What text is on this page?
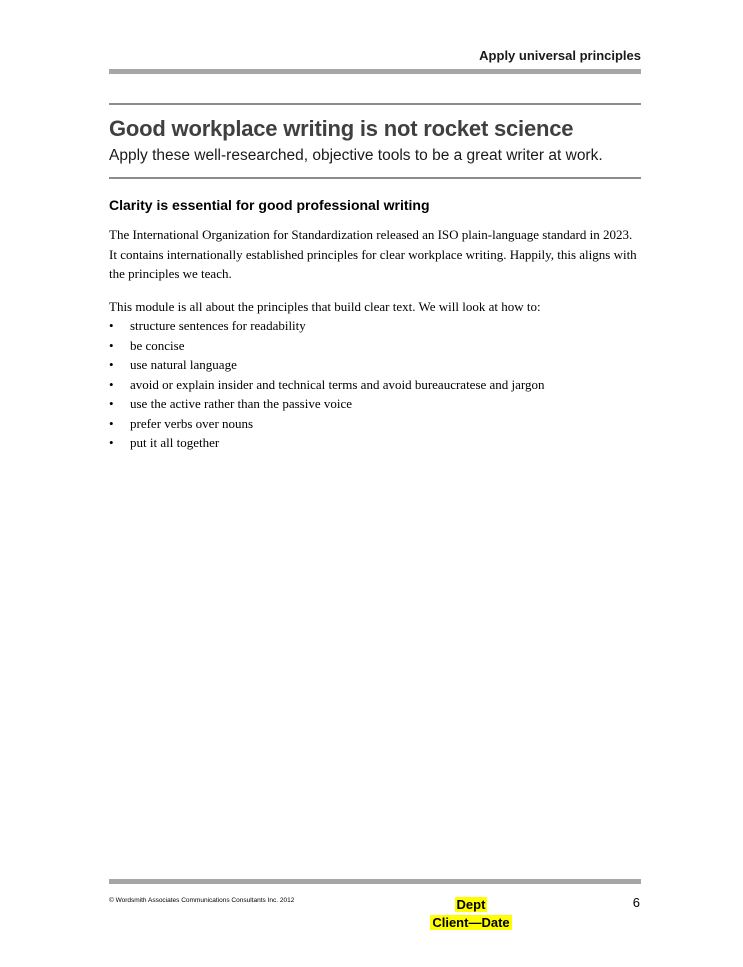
Apply universal principles
Good workplace writing is not rocket science
Apply these well-researched, objective tools to be a great writer at work.
Clarity is essential for good professional writing
The International Organization for Standardization released an ISO plain-language standard in 2023. It contains internationally established principles for clear workplace writing. Happily, this aligns with the principles we teach.
This module is all about the principles that build clear text. We will look at how to:
• structure sentences for readability
• be concise
• use natural language
• avoid or explain insider and technical terms and avoid bureaucratese and jargon
• use the active rather than the passive voice
• prefer verbs over nouns
• put it all together
© Wordsmith Associates Communications Consultants Inc. 2012	Dept
Client—Date
6
